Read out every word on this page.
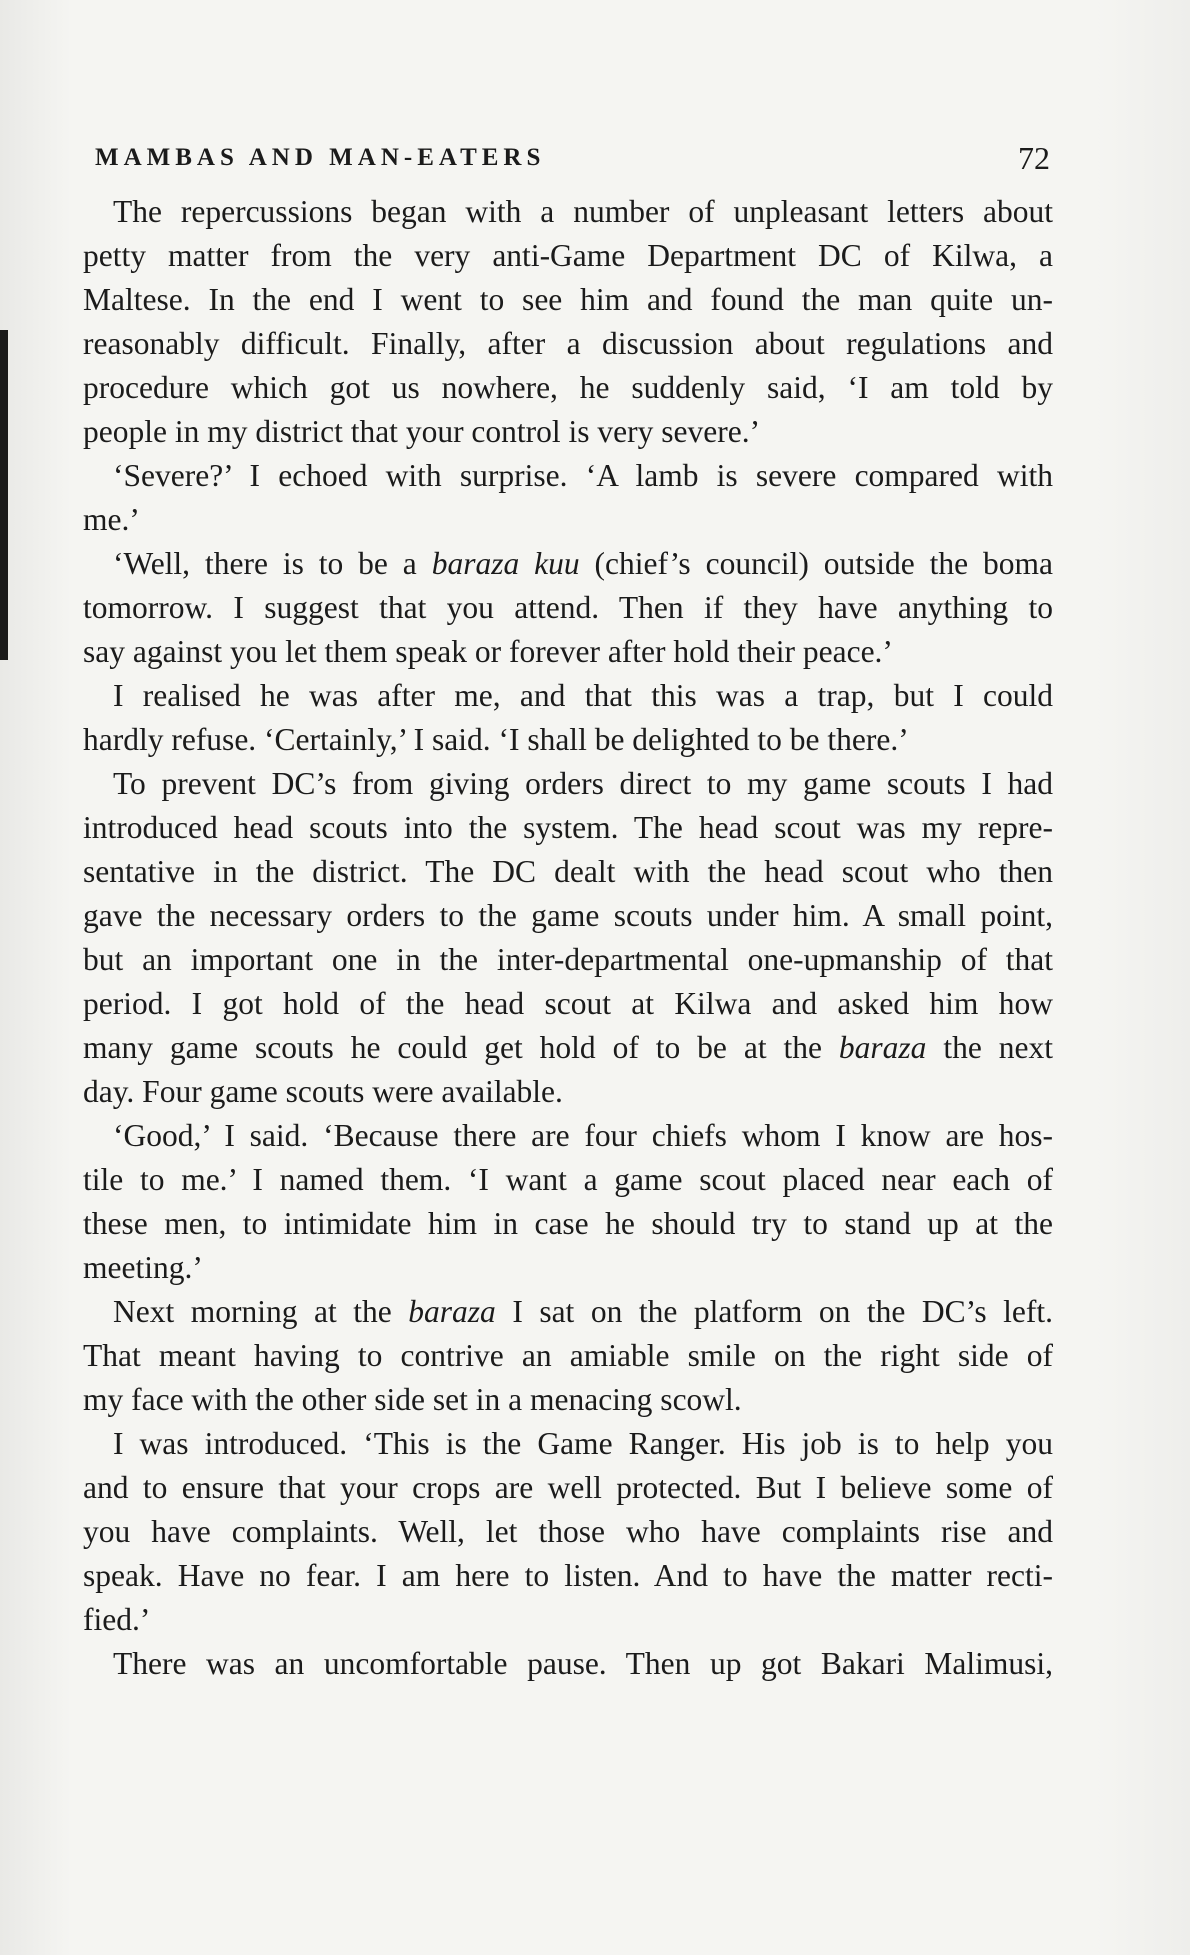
MAMBAS AND MAN-EATERS	72
The repercussions began with a number of unpleasant letters about
petty matter from the very anti-Game Department DC of Kilwa, a
Maltese. In the end I went to see him and found the man quite un-
reasonably difficult. Finally, after a discussion about regulations and
procedure which got us nowhere, he suddenly said, ‘I am told by
people in my district that your control is very severe.’
‘Severe?’ I echoed with surprise. ‘A lamb is severe compared with
me.’
‘Well, there is to be a baraza kuu (chief’s council) outside the boma
tomorrow. I suggest that you attend. Then if they have anything to
say against you let them speak or forever after hold their peace.’
I realised he was after me, and that this was a trap, but I could
hardly refuse. ‘Certainly,’ I said. ‘I shall be delighted to be there.’
To prevent DC’s from giving orders direct to my game scouts I had
introduced head scouts into the system. The head scout was my repre-
sentative in the district. The DC dealt with the head scout who then
gave the necessary orders to the game scouts under him. A small point,
but an important one in the inter-departmental one-upmanship of that
period. I got hold of the head scout at Kilwa and asked him how
many game scouts he could get hold of to be at the baraza the next
day. Four game scouts were available.
‘Good,’ I said. ‘Because there are four chiefs whom I know are hos-
tile to me.’ I named them. ‘I want a game scout placed near each of
these men, to intimidate him in case he should try to stand up at the
meeting.’
Next morning at the baraza I sat on the platform on the DC’s left.
That meant having to contrive an amiable smile on the right side of
my face with the other side set in a menacing scowl.
I was introduced. ‘This is the Game Ranger. His job is to help you
and to ensure that your crops are well protected. But I believe some of
you have complaints. Well, let those who have complaints rise and
speak. Have no fear. I am here to listen. And to have the matter recti-
fied.’
There was an uncomfortable pause. Then up got Bakari Malimusi,
